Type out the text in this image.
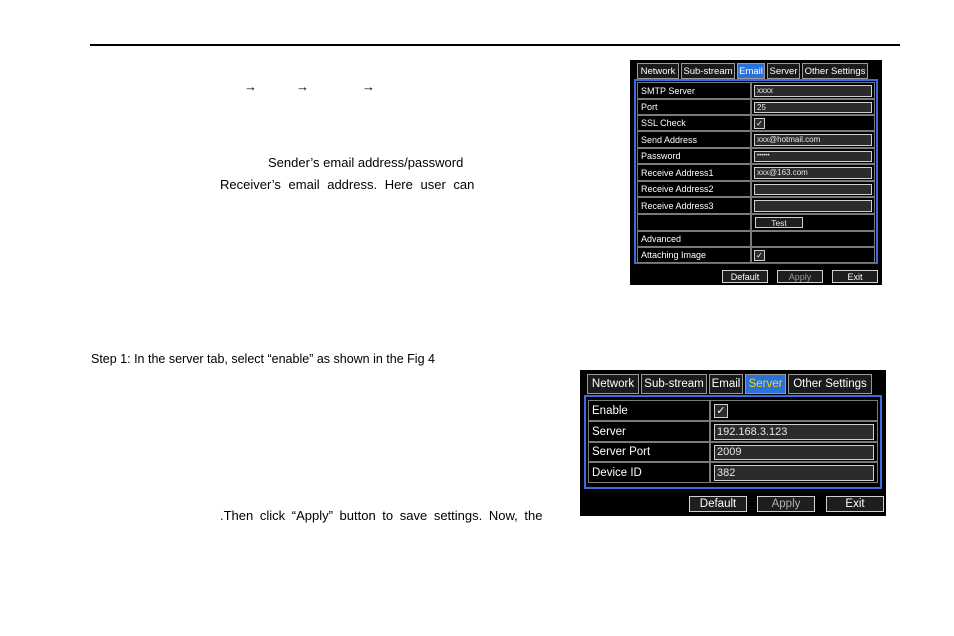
→	→	→
Sender’s email address/password
Receiver’s email address. Here user can
Step 1: In the server tab, select “enable” as shown in the Fig 4
.Then click “Apply” button to save settings. Now, the
Network Sub-stream Email Server Other Settings
SMTP Server	xxxx
Port	25
SSL Check	✓
Send Address	xxx@hotmail.com
Password	••••••
Receive Address1	xxx@163.com
Receive Address2
Receive Address3
Test
Advanced
Attaching Image	✓
Default	Apply	Exit
Network Sub-stream Email Server Other Settings
Enable	✓
Server	192.168.3.123
Server Port	2009
Device ID	382
Default	Apply	Exit
